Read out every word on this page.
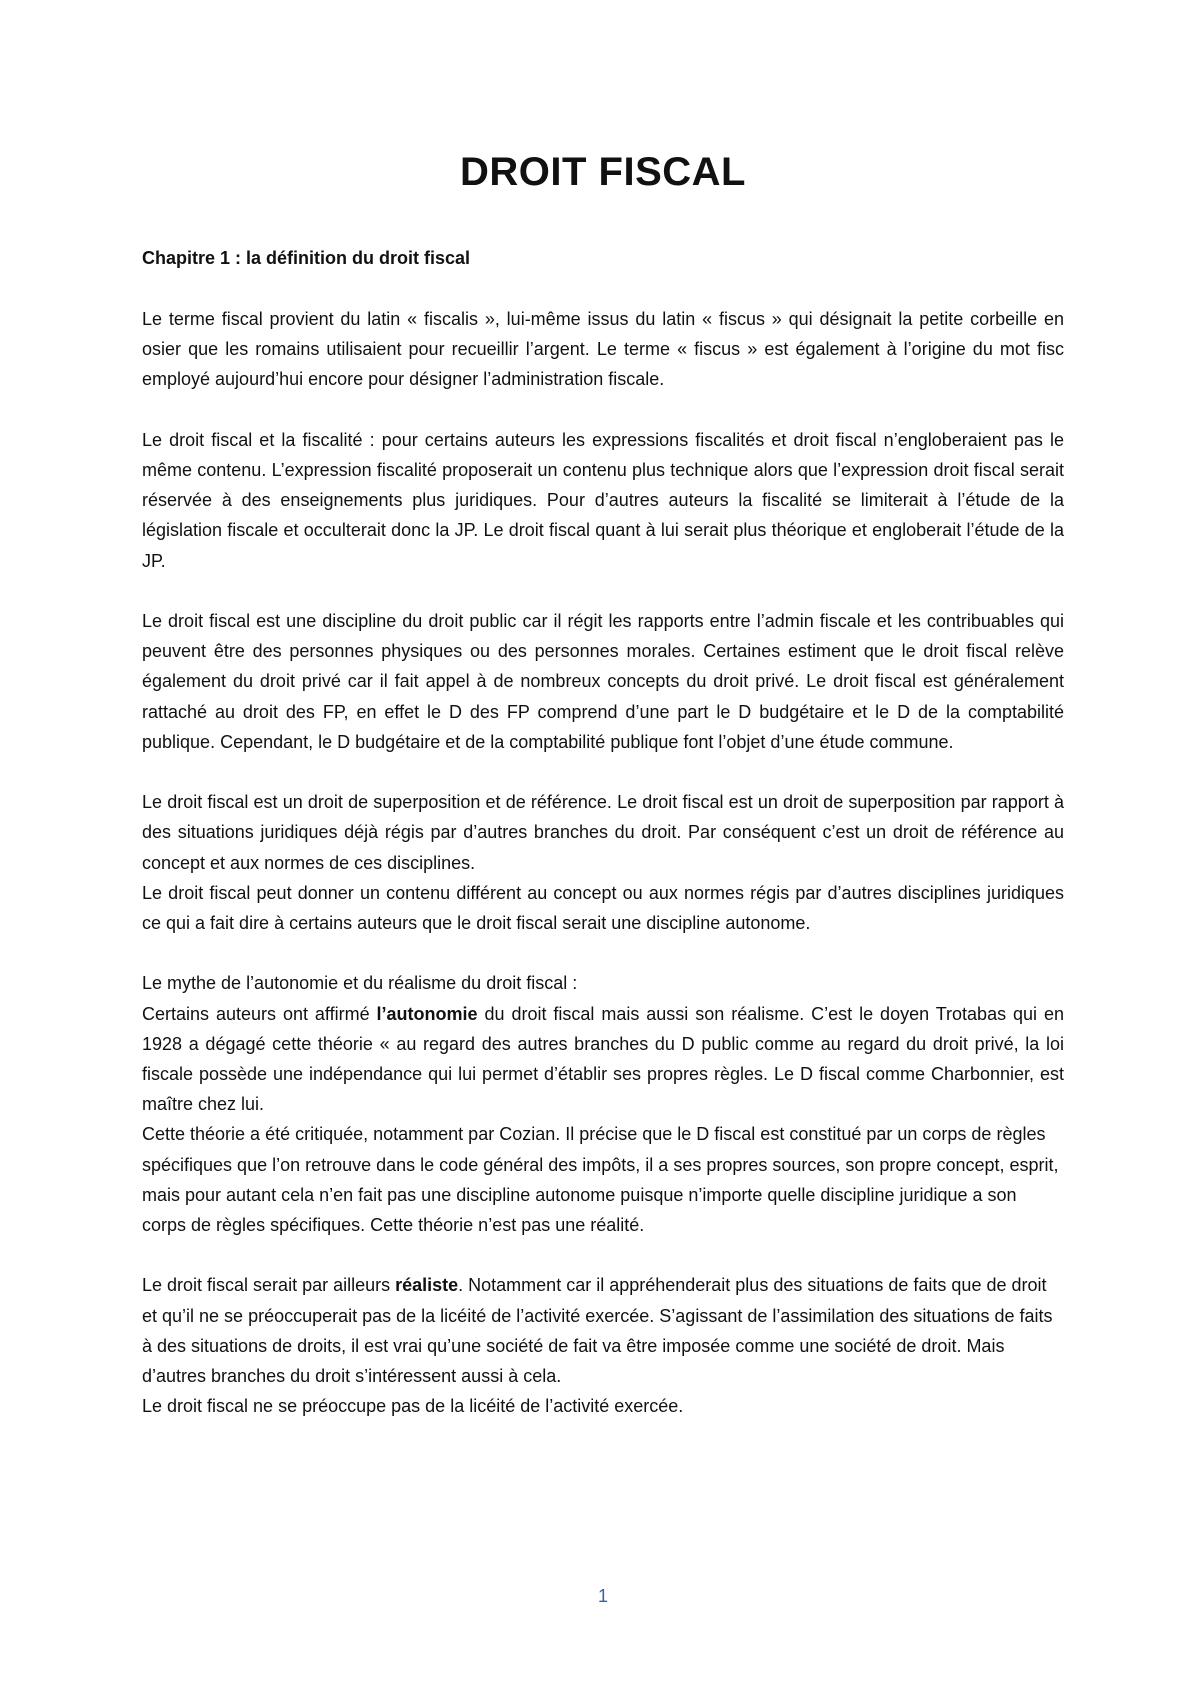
DROIT FISCAL
Chapitre 1 : la définition du droit fiscal

Le terme fiscal provient du latin « fiscalis », lui-même issus du latin « fiscus » qui désignait la petite corbeille en osier que les romains utilisaient pour recueillir l’argent. Le terme « fiscus » est également à l’origine du mot fisc employé aujourd’hui encore pour désigner l’administration fiscale.

Le droit fiscal et la fiscalité : pour certains auteurs les expressions fiscalités et droit fiscal n’engloberaient pas le même contenu. L’expression fiscalité proposerait un contenu plus technique alors que l’expression droit fiscal serait réservée à des enseignements plus juridiques. Pour d’autres auteurs la fiscalité se limiterait à l’étude de la législation fiscale et occulterait donc la JP. Le droit fiscal quant à lui serait plus théorique et engloberait l’étude de la JP.

Le droit fiscal est une discipline du droit public car il régit les rapports entre l’admin fiscale et les contribuables qui peuvent être des personnes physiques ou des personnes morales. Certaines estiment que le droit fiscal relève également du droit privé car il fait appel à de nombreux concepts du droit privé. Le droit fiscal est généralement rattaché au droit des FP, en effet le D des FP comprend d’une part le D budgétaire et le D de la comptabilité publique. Cependant, le D budgétaire et de la comptabilité publique font l’objet d’une étude commune.

Le droit fiscal est un droit de superposition et de référence. Le droit fiscal est un droit de superposition par rapport à des situations juridiques déjà régis par d’autres branches du droit. Par conséquent c’est un droit de référence au concept et aux normes de ces disciplines.

Le droit fiscal peut donner un contenu différent au concept ou aux normes régis par d’autres disciplines juridiques ce qui a fait dire à certains auteurs que le droit fiscal serait une discipline autonome.

Le mythe de l’autonomie et du réalisme du droit fiscal :

Certains auteurs ont affirmé l’autonomie du droit fiscal mais aussi son réalisme. C’est le doyen Trotabas qui en 1928 a dégagé cette théorie « au regard des autres branches du D public comme au regard du droit privé, la loi fiscale possède une indépendance qui lui permet d’établir ses propres règles. Le D fiscal comme Charbonnier, est maître chez lui.

Cette théorie a été critiquée, notamment par Cozian. Il précise que le D fiscal est constitué par un corps de règles spécifiques que l’on retrouve dans le code général des impôts, il a ses propres sources, son propre concept, esprit, mais pour autant cela n’en fait pas une discipline autonome puisque n’importe quelle discipline juridique a son corps de règles spécifiques. Cette théorie n’est pas une réalité.

Le droit fiscal serait par ailleurs réaliste. Notamment car il appréhenderait plus des situations de faits que de droit et qu’il ne se préoccuperait pas de la licéité de l’activité exercée. S’agissant de l’assimilation des situations de faits à des situations de droits, il est vrai qu’une société de fait va être imposée comme une société de droit. Mais d’autres branches du droit s’intéressent aussi à cela.

Le droit fiscal ne se préoccupe pas de la licéité de l’activité exercée.

1
